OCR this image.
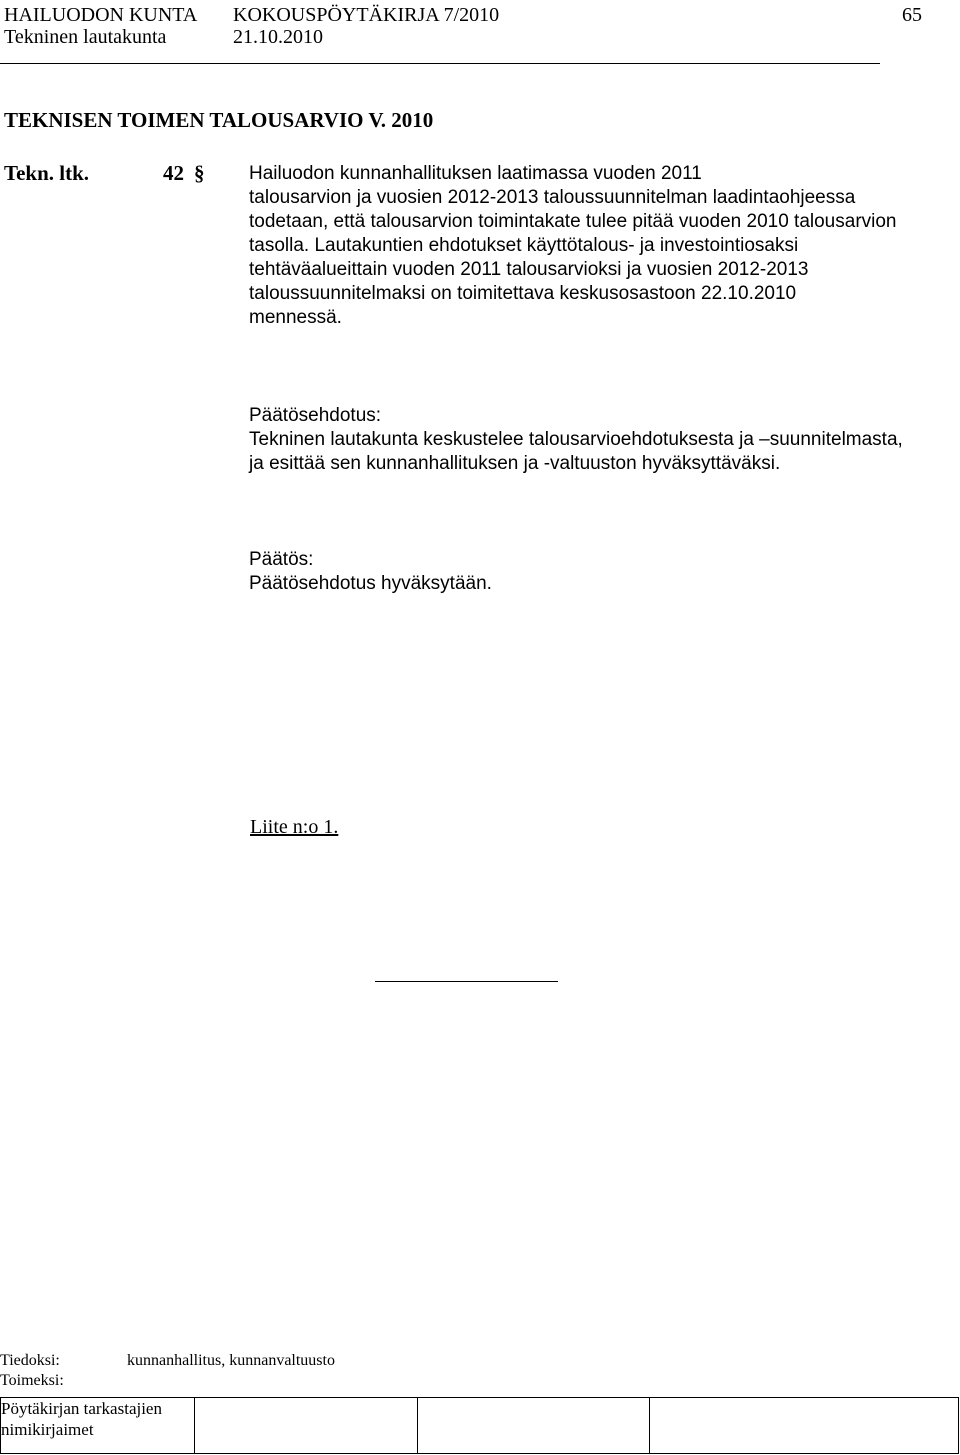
HAILUODON KUNTA KOKOUSPÖYTÄKIRJA 7/2010	65
Tekninen lautakunta	21.10.2010
TEKNISEN TOIMEN TALOUSARVIO V. 2010
Tekn. ltk.	42 § Hailuodon kunnanhallituksen laatimassa vuoden 2011
talousarvion ja vuosien 2012-2013 taloussuunnitelman laadintaohjeessa
todetaan, että talousarvion toimintakate tulee pitää vuoden 2010 talousarvion
tasolla. Lautakuntien ehdotukset käyttötalous- ja investointiosaksi
tehtäväalueittain vuoden 2011 talousarvioksi ja vuosien 2012-2013
taloussuunnitelmaksi on toimitettava keskusosastoon 22.10.2010
mennessä.
Päätösehdotus:
Tekninen lautakunta keskustelee talousarvioehdotuksesta ja –suunnitelmasta,
ja esittää sen kunnanhallituksen ja -valtuuston hyväksyttäväksi.
Päätös:
Päätösehdotus hyväksytään.
Liite n:o 1.
Tiedoksi:	kunnanhallitus, kunnanvaltuusto
Toimeksi:
Pöytäkirjan tarkastajien
nimikirjaimet
